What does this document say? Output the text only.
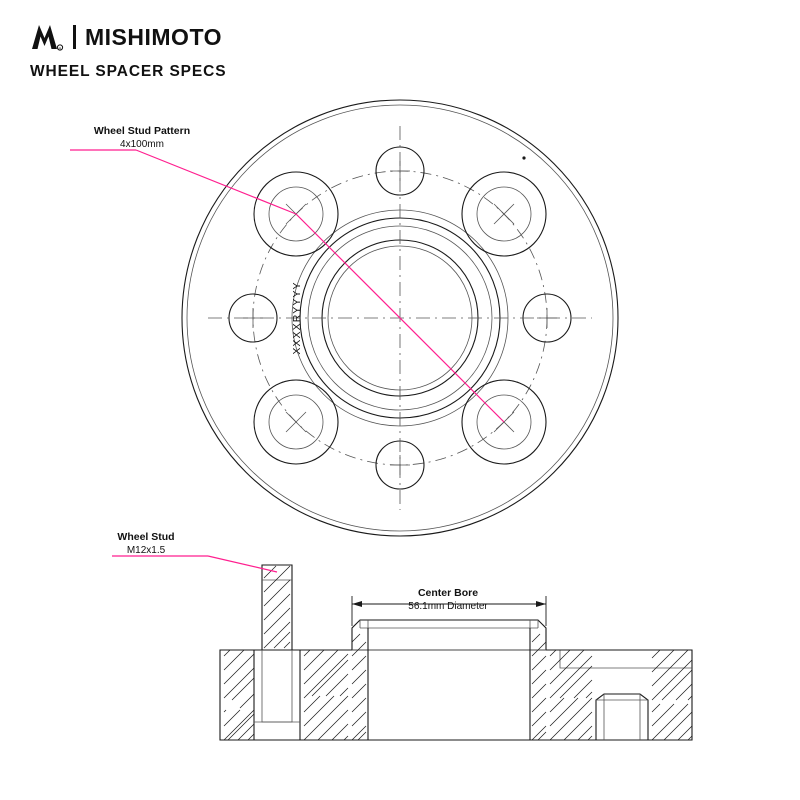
R MISHIMOTO
WHEEL SPACER SPECS
XXXXRYYYY
Wheel Stud Pattern
4x100mm
Wheel Stud
M12x1.5
Center Bore
56.1mm Diameter
